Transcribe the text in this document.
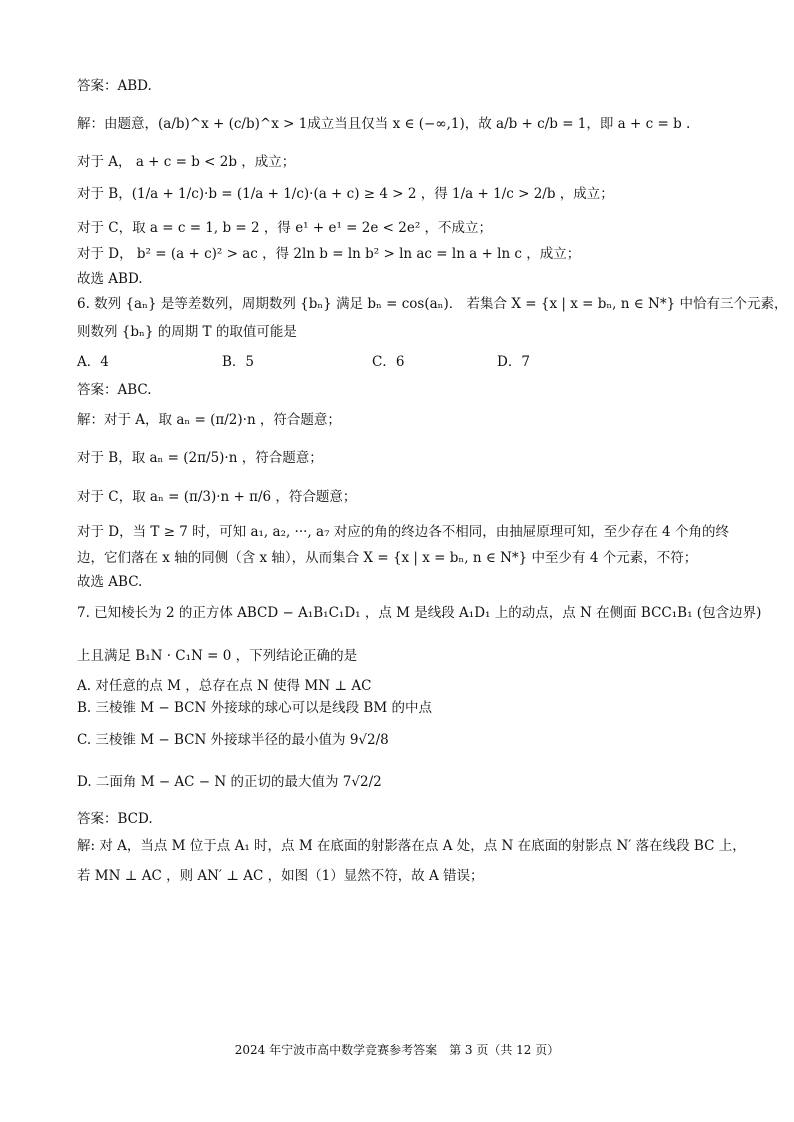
答案：ABD.
解：由题意，(a/b)^x + (c/b)^x > 1成立当且仅当 x ∈ (−∞,1)，故 a/b + c/b = 1，即 a + c = b .
对于 A， a + c = b < 2b ，成立；
对于 B，(1/a + 1/c)·b = (1/a + 1/c)·(a + c) ≥ 4 > 2 ，得 1/a + 1/c > 2/b ，成立；
对于 C，取 a = c = 1, b = 2 ，得 e¹ + e¹ = 2e < 2e² ，不成立；
对于 D， b² = (a + c)² > ac ，得 2ln b = ln b² > ln ac = ln a + ln c ，成立；
故选 ABD.
6. 数列 {aₙ} 是等差数列，周期数列 {bₙ} 满足 bₙ = cos(aₙ)． 若集合 X = {x | x = bₙ, n ∈ N*} 中恰有三个元素，
则数列 {bₙ} 的周期 T 的取值可能是
A．4	B．5	C．6	D．7
答案：ABC.
解：对于 A，取 aₙ = (π/2)·n ，符合题意；
对于 B，取 aₙ = (2π/5)·n ，符合题意；
对于 C，取 aₙ = (π/3)·n + π/6 ，符合题意；
对于 D，当 T ≥ 7 时，可知 a₁, a₂, ···, a₇ 对应的角的终边各不相同，由抽屉原理可知，至少存在 4 个角的终
边，它们落在 x 轴的同侧（含 x 轴），从而集合 X = {x | x = bₙ, n ∈ N*} 中至少有 4 个元素，不符；
故选 ABC.
7. 已知棱长为 2 的正方体 ABCD − A₁B₁C₁D₁ ，点 M 是线段 A₁D₁ 上的动点，点 N 在侧面 BCC₁B₁ (包含边界)
上且满足 B₁N · C₁N = 0 ，下列结论正确的是
A. 对任意的点 M ，总存在点 N 使得 MN ⊥ AC
B. 三棱锥 M − BCN 外接球的球心可以是线段 BM 的中点
C. 三棱锥 M − BCN 外接球半径的最小值为 9√2/8
D. 二面角 M − AC − N 的正切的最大值为 7√2/2
答案：BCD.
解: 对 A，当点 M 位于点 A₁ 时，点 M 在底面的射影落在点 A 处，点 N 在底面的射影点 N′ 落在线段 BC 上，
若 MN ⊥ AC ，则 AN′ ⊥ AC ，如图（1）显然不符，故 A 错误；
2024 年宁波市高中数学竞赛参考答案　第 3 页（共 12 页）
